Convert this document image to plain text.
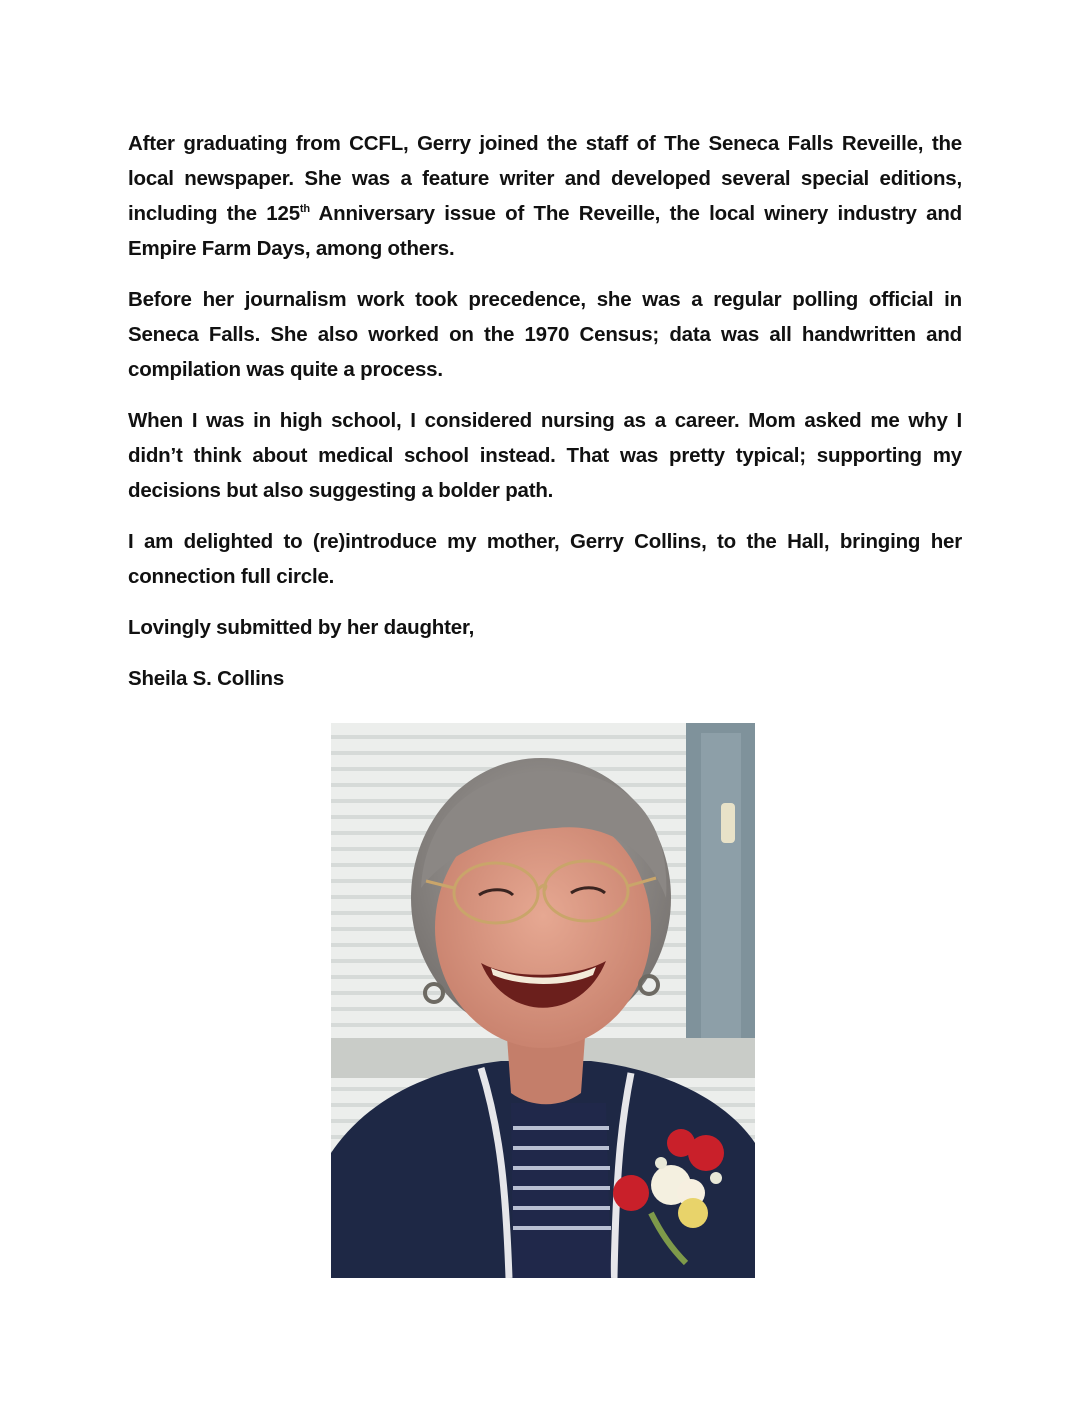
After graduating from CCFL, Gerry joined the staff of The Seneca Falls Reveille, the local newspaper. She was a feature writer and developed several special editions, including the 125th Anniversary issue of The Reveille, the local winery industry and Empire Farm Days, among others.

Before her journalism work took precedence, she was a regular polling official in Seneca Falls. She also worked on the 1970 Census; data was all handwritten and compilation was quite a process.

When I was in high school, I considered nursing as a career. Mom asked me why I didn’t think about medical school instead. That was pretty typical; supporting my decisions but also suggesting a bolder path.

I am delighted to (re)introduce my mother, Gerry Collins, to the Hall, bringing her connection full circle.

Lovingly submitted by her daughter,

Sheila S. Collins
